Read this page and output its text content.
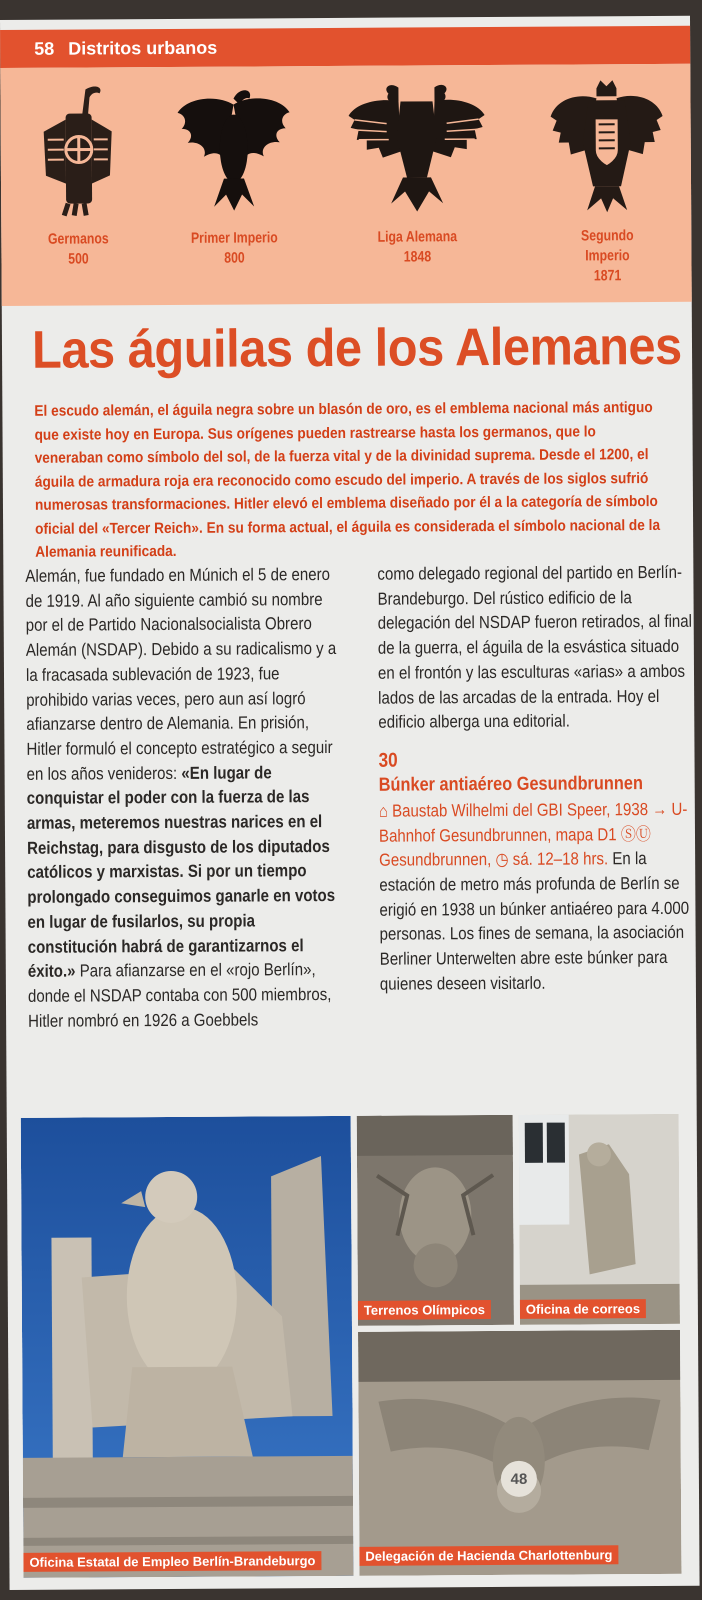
58 Distritos urbanos
Germanos
500
Primer Imperio
800
Liga Alemana
1848
Segundo Imperio
1871
Las águilas de los Alemanes
El escudo alemán, el águila negra sobre un blasón de oro, es el emblema nacional más antiguo que existe hoy en Europa. Sus orígenes pueden rastrearse hasta los germanos, que lo veneraban como símbolo del sol, de la fuerza vital y de la divinidad suprema. Desde el 1200, el águila de armadura roja era reconocido como escudo del imperio. A través de los siglos sufrió numerosas transformaciones. Hitler elevó el emblema diseñado por él a la categoría de símbolo oficial del «Tercer Reich». En su forma actual, el águila es considerada el símbolo nacional de la Alemania reunificada.
Alemán, fue fundado en Múnich el 5 de enero de 1919. Al año siguiente cambió su nombre por el de Partido Nacionalsocialista Obrero Alemán (NSDAP). Debido a su radicalismo y a la fracasada sublevación de 1923, fue prohibido varias veces, pero aun así logró afianzarse dentro de Alemania. En prisión, Hitler formuló el concepto estratégico a seguir en los años venideros: «En lugar de conquistar el poder con la fuerza de las armas, meteremos nuestras narices en el Reichstag, para disgusto de los diputados católicos y marxistas. Si por un tiempo prolongado conseguimos ganarle en votos en lugar de fusilarlos, su propia constitución habrá de garantizarnos el éxito.» Para afianzarse en el «rojo Berlín», donde el NSDAP contaba con 500 miembros, Hitler nombró en 1926 a Goebbels
como delegado regional del partido en Berlín-Brandeburgo. Del rústico edificio de la delegación del NSDAP fueron retirados, al final de la guerra, el águila de la esvástica situado en el frontón y las esculturas «arias» a ambos lados de las arcadas de la entrada. Hoy el edificio alberga una editorial.
30
Búnker antiaéreo Gesundbrunnen
⌂ Baustab Wilhelmi del GBI Speer, 1938 → U-Bahnhof Gesundbrunnen, mapa D1 ⓈⓊ Gesundbrunnen, ◷ sá. 12–18 hrs. En la estación de metro más profunda de Berlín se erigió en 1938 un búnker antiaéreo para 4.000 personas. Los fines de semana, la asociación Berliner Unterwelten abre este búnker para quienes deseen visitarlo.
Oficina Estatal de Empleo Berlín-Brandeburgo
Terrenos Olímpicos	Oficina de correos
48
Delegación de Hacienda Charlottenburg
